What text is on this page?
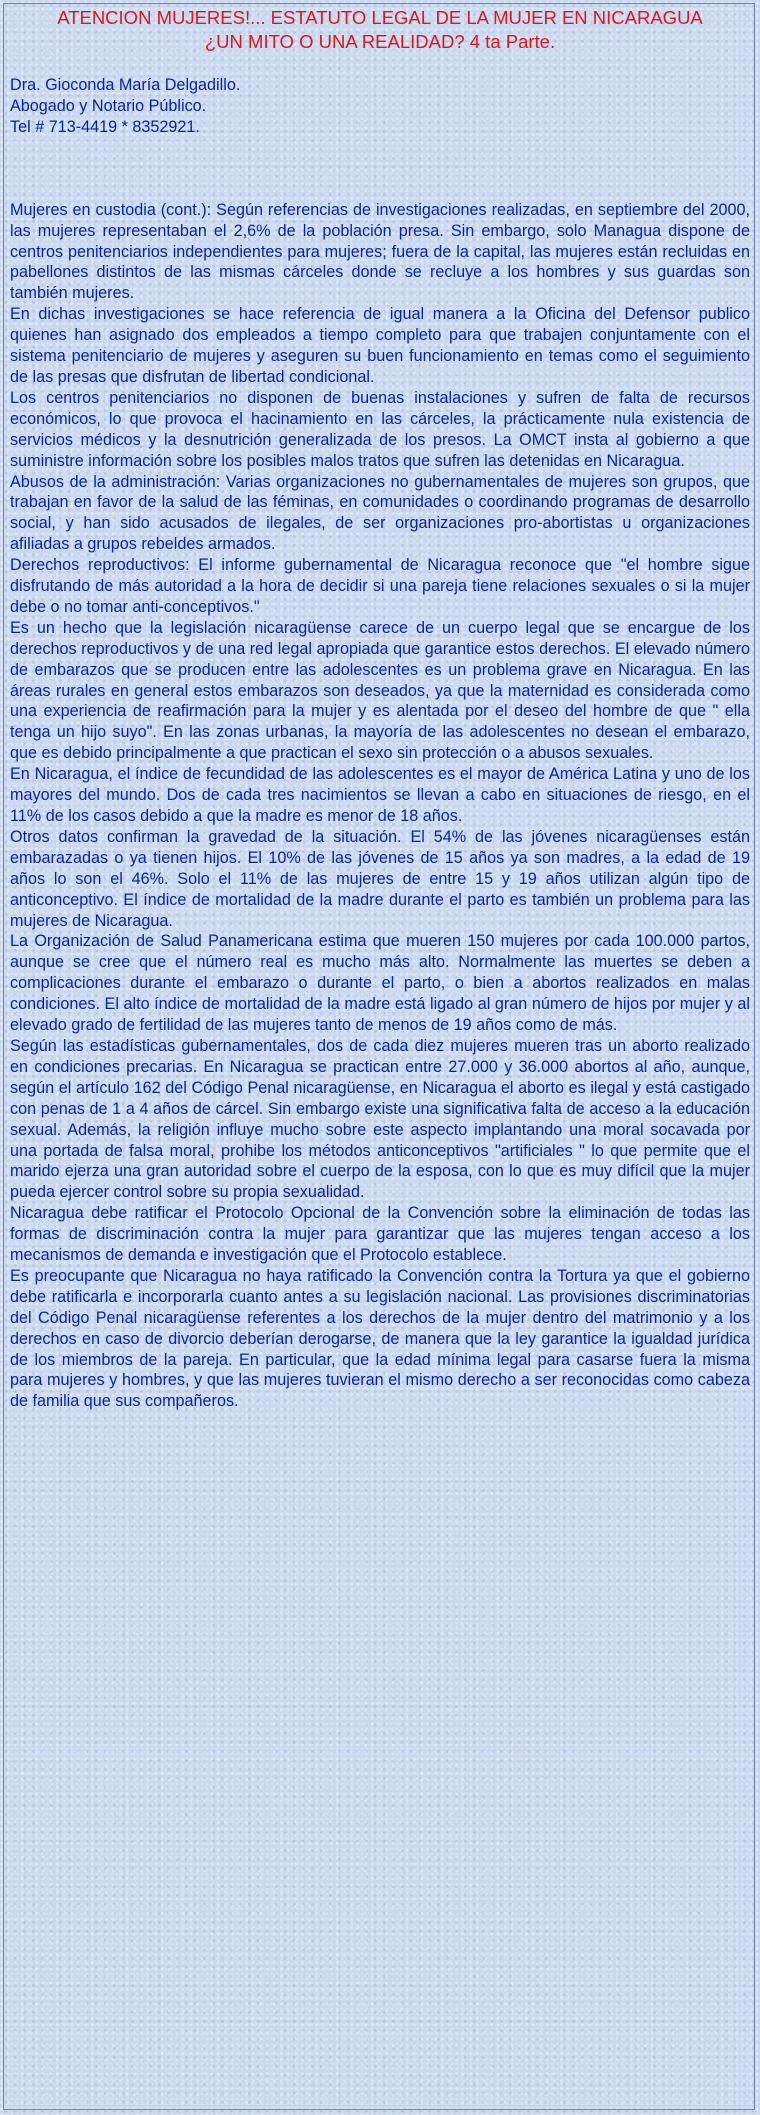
ATENCION MUJERES!... ESTATUTO LEGAL DE LA MUJER EN NICARAGUA ¿UN MITO O UNA REALIDAD? 4 ta Parte.

Dra. Gioconda María Delgadillo.

Abogado y Notario Público.

Tel # 713-4419 * 8352921.

Mujeres en custodia (cont.): Según referencias de investigaciones realizadas, en septiembre del 2000, las mujeres representaban el 2,6% de la población presa. Sin embargo, solo Managua dispone de centros penitenciarios independientes para mujeres; fuera de la capital, las mujeres están recluidas en pabellones distintos de las mismas cárceles donde se recluye a los hombres y sus guardas son también mujeres.

En dichas investigaciones se hace referencia de igual manera a la Oficina del Defensor publico quienes han asignado dos empleados a tiempo completo para que trabajen conjuntamente con el sistema penitenciario de mujeres y aseguren su buen funcionamiento en temas como el seguimiento de las presas que disfrutan de libertad condicional.

Los centros penitenciarios no disponen de buenas instalaciones y sufren de falta de recursos económicos, lo que provoca el hacinamiento en las cárceles, la prácticamente nula existencia de servicios médicos y la desnutrición generalizada de los presos. La OMCT insta al gobierno a que suministre información sobre los posibles malos tratos que sufren las detenidas en Nicaragua.

Abusos de la administración: Varias organizaciones no gubernamentales de mujeres son grupos, que trabajan en favor de la salud de las féminas, en comunidades o coordinando programas de desarrollo social, y han sido acusados de ilegales, de ser organizaciones pro-abortistas u organizaciones afiliadas a grupos rebeldes armados.

Derechos reproductivos: El informe gubernamental de Nicaragua reconoce que "el hombre sigue disfrutando de más autoridad a la hora de decidir si una pareja tiene relaciones sexuales o si la mujer debe o no tomar anti-conceptivos."

Es un hecho que la legislación nicaragüense carece de un cuerpo legal que se encargue de los derechos reproductivos y de una red legal apropiada que garantice estos derechos. El elevado número de embarazos que se producen entre las adolescentes es un problema grave en Nicaragua. En las áreas rurales en general estos embarazos son deseados, ya que la maternidad es considerada como una experiencia de reafirmación para la mujer y es alentada por el deseo del hombre de que " ella tenga un hijo suyo". En las zonas urbanas, la mayoría de las adolescentes no desean el embarazo, que es debido principalmente a que practican el sexo sin protección o a abusos sexuales.

En Nicaragua, el índice de fecundidad de las adolescentes es el mayor de América Latina y uno de los mayores del mundo. Dos de cada tres nacimientos se llevan a cabo en situaciones de riesgo, en el 11% de los casos debido a que la madre es menor de 18 años.

Otros datos confirman la gravedad de la situación. El 54% de las jóvenes nicaragüenses están embarazadas o ya tienen hijos. El 10% de las jóvenes de 15 años ya son madres, a la edad de 19 años lo son el 46%. Solo el 11% de las mujeres de entre 15 y 19 años utilizan algún tipo de anticonceptivo. El índice de mortalidad de la madre durante el parto es también un problema para las mujeres de Nicaragua.

La Organización de Salud Panamericana estima que mueren 150 mujeres por cada 100.000 partos, aunque se cree que el número real es mucho más alto. Normalmente las muertes se deben a complicaciones durante el embarazo o durante el parto, o bien a abortos realizados en malas condiciones. El alto índice de mortalidad de la madre está ligado al gran número de hijos por mujer y al elevado grado de fertilidad de las mujeres tanto de menos de 19 años como de más.

Según las estadísticas gubernamentales, dos de cada diez mujeres mueren tras un aborto realizado en condiciones precarias. En Nicaragua se practican entre 27.000 y 36.000 abortos al año, aunque, según el artículo 162 del Código Penal nicaragüense, en Nicaragua el aborto es ilegal y está castigado con penas de 1 a 4 años de cárcel. Sin embargo existe una significativa falta de acceso a la educación sexual. Además, la religión influye mucho sobre este aspecto implantando una moral socavada por una portada de falsa moral, prohibe los métodos anticonceptivos "artificiales " lo que permite que el marido ejerza una gran autoridad sobre el cuerpo de la esposa, con lo que es muy difícil que la mujer pueda ejercer control sobre su propia sexualidad.

Nicaragua debe ratificar el Protocolo Opcional de la Convención sobre la eliminación de todas las formas de discriminación contra la mujer para garantizar que las mujeres tengan acceso a los mecanismos de demanda e investigación que el Protocolo establece.

Es preocupante que Nicaragua no haya ratificado la Convención contra la Tortura ya que el gobierno debe ratificarla e incorporarla cuanto antes a su legislación nacional. Las provisiones discriminatorias del Código Penal nicaragüense referentes a los derechos de la mujer dentro del matrimonio y a los derechos en caso de divorcio deberían derogarse, de manera que la ley garantice la igualdad jurídica de los miembros de la pareja. En particular, que la edad mínima legal para casarse fuera la misma para mujeres y hombres, y que las mujeres tuvieran el mismo derecho a ser reconocidas como cabeza de familia que sus compañeros.
